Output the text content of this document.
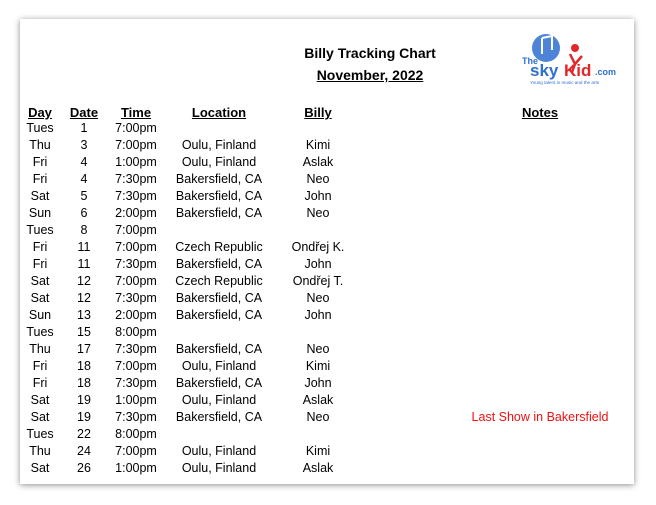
Billy Tracking Chart
November, 2022
The
sky Kid .com
Young talent in music and the arts
Day	Date	Time	Location	Billy	Notes
Tues	1	7:00pm
Thu	3	7:00pm	Oulu, Finland	Kimi
Fri	4	1:00pm	Oulu, Finland	Aslak
Fri	4	7:30pm	Bakersfield, CA	Neo
Sat	5	7:30pm	Bakersfield, CA	John
Sun	6	2:00pm	Bakersfield, CA	Neo
Tues	8	7:00pm
Fri	11	7:00pm	Czech Republic	Ondřej K.
Fri	11	7:30pm	Bakersfield, CA	John
Sat	12	7:00pm	Czech Republic	Ondřej T.
Sat	12	7:30pm	Bakersfield, CA	Neo
Sun	13	2:00pm	Bakersfield, CA	John
Tues	15	8:00pm
Thu	17	7:30pm	Bakersfield, CA	Neo
Fri	18	7:00pm	Oulu, Finland	Kimi
Fri	18	7:30pm	Bakersfield, CA	John
Sat	19	1:00pm	Oulu, Finland	Aslak
Sat	19	7:30pm	Bakersfield, CA	Neo	Last Show in Bakersfield
Tues	22	8:00pm
Thu	24	7:00pm	Oulu, Finland	Kimi
Sat	26	1:00pm	Oulu, Finland	Aslak
